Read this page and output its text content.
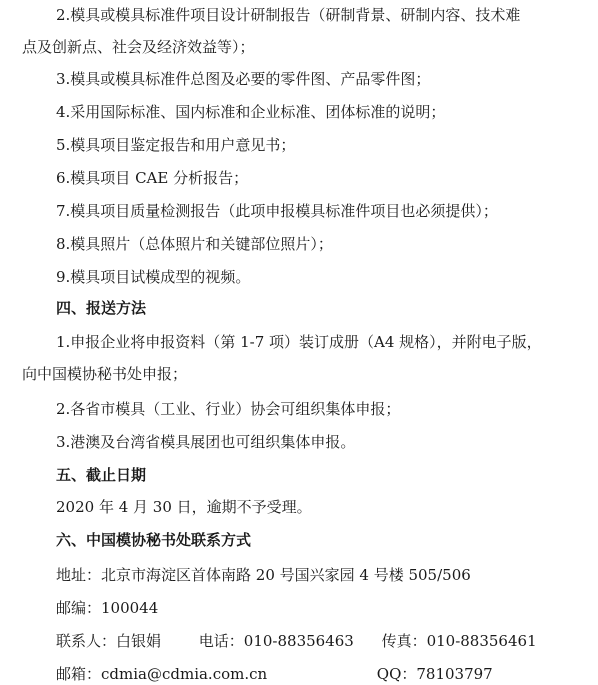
2.模具或模具标准件项目设计研制报告（研制背景、研制内容、技术难
点及创新点、社会及经济效益等）；
3.模具或模具标准件总图及必要的零件图、产品零件图；
4.采用国际标准、国内标准和企业标准、团体标准的说明；
5.模具项目鉴定报告和用户意见书；
6.模具项目 CAE 分析报告；
7.模具项目质量检测报告（此项申报模具标准件项目也必须提供）；
8.模具照片（总体照片和关键部位照片）；
9.模具项目试模成型的视频。
四、报送方法
1.申报企业将申报资料（第 1-7 项）装订成册（A4 规格），并附电子版，
向中国模协秘书处申报；
2.各省市模具（工业、行业）协会可组织集体申报；
3.港澳及台湾省模具展团也可组织集体申报。
五、截止日期
2020 年 4 月 30 日，逾期不予受理。
六、中国模协秘书处联系方式
地址：北京市海淀区首体南路 20 号国兴家园 4 号楼 505/506
邮编：100044
联系人：白银娟	电话：010-88356463 传真：010-88356461
邮箱：cdmia@cdmia.com.cn	QQ：78103797
